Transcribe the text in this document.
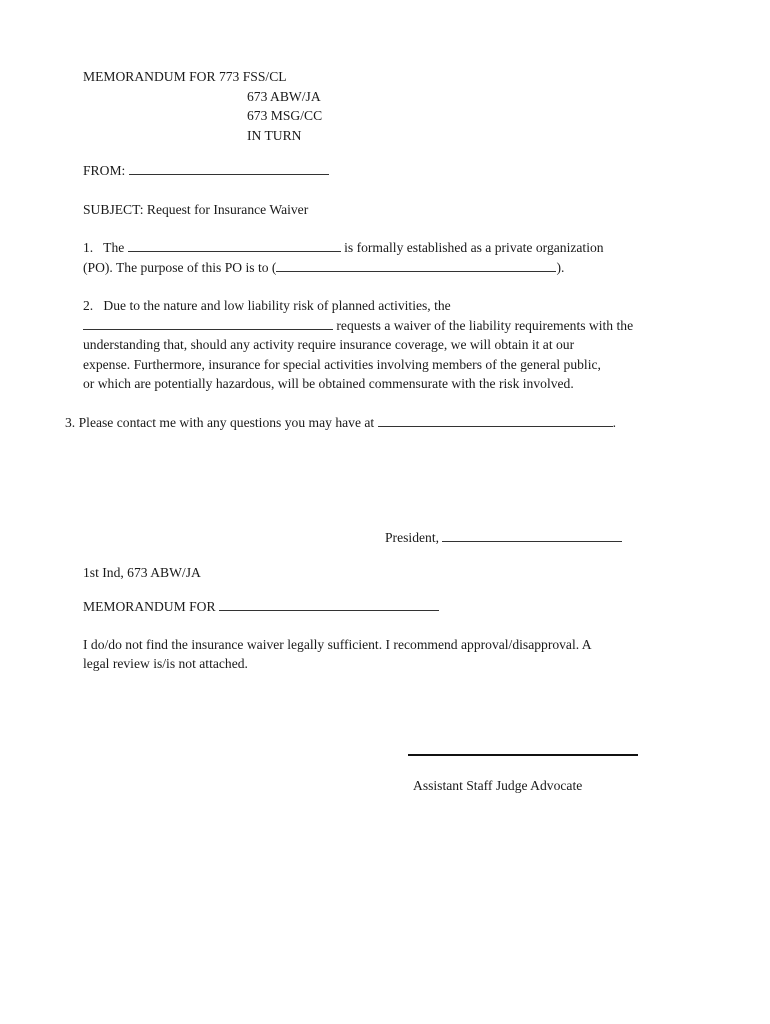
MEMORANDUM FOR 773 FSS/CL
673 ABW/JA
673 MSG/CC
IN TURN
FROM:
SUBJECT: Request for Insurance Waiver
1. The	is formally established as a private organization
(PO). The purpose of this PO is to (	).
2. Due to the nature and low liability risk of planned activities, the
requests a waiver of the liability requirements with the
understanding that, should any activity require insurance coverage, we will obtain it at our
expense. Furthermore, insurance for special activities involving members of the general public,
or which are potentially hazardous, will be obtained commensurate with the risk involved.
3. Please contact me with any questions you may have at	.
President,
1st Ind, 673 ABW/JA
MEMORANDUM FOR
I do/do not find the insurance waiver legally sufficient. I recommend approval/disapproval. A
legal review is/is not attached.
Assistant Staff Judge Advocate
